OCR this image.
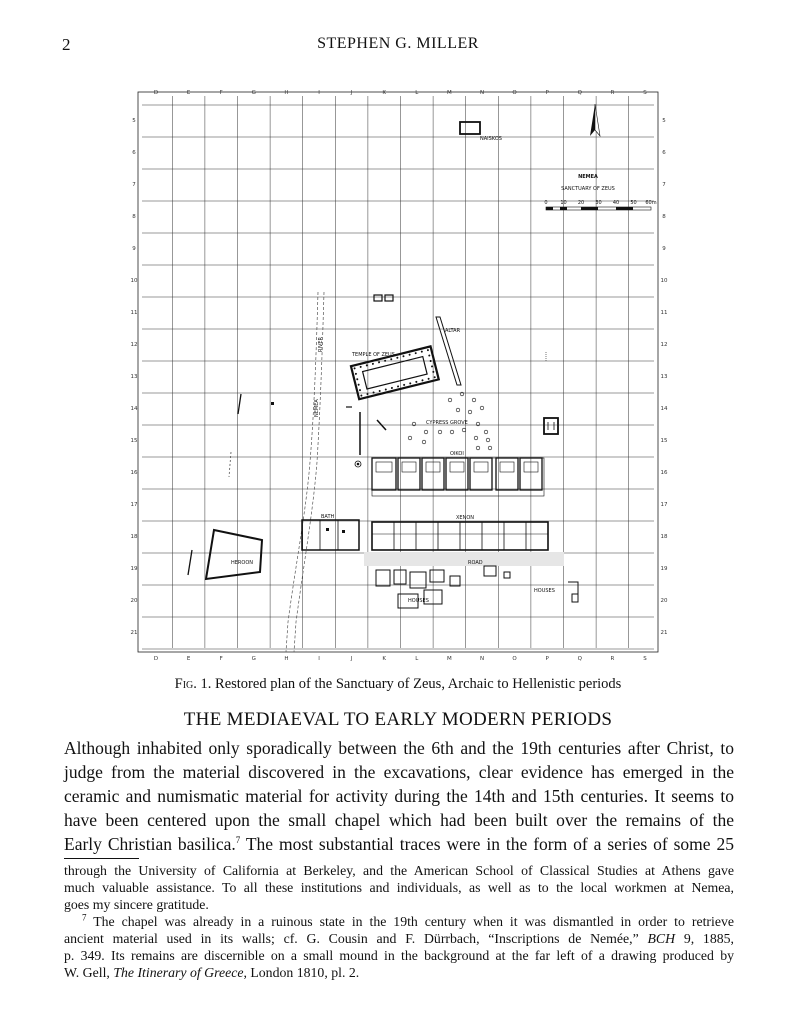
2	STEPHEN G. MILLER
D
D
E
E
F
F
G
G
H
H
I
I
J
J
K
K
L
L
M
M
N
N
O
O
P
P
Q
Q
R
R
S
S
5	5
6	6
7	7
8	8
9	9
10	10
11	11
12	12
13	13
14	14
15	15
16	16
17	17
18	18
19	19
20	20
21	21
NEMEA
SANCTUARY OF ZEUS
0	10 20 30 40 50 60m
NAISKOS
ALTAR
TEMPLE OF ZEUS
RIVER
NEMEA
HEROON
BATH
CYPRESS GROVE
OIKOI
XENON
ROAD
HOUSES
HOUSES
Fig. 1. Restored plan of the Sanctuary of Zeus, Archaic to Hellenistic periods
THE MEDIAEVAL TO EARLY MODERN PERIODS
Although inhabited only sporadically between the 6th and the 19th centuries after Christ, to
judge from the material discovered in the excavations, clear evidence has emerged in the
ceramic and numismatic material for activity during the 14th and 15th centuries. It seems to
have been centered upon the small chapel which had been built over the remains of the
Early Christian basilica.$^7$ The most substantial traces were in the form of a series of some 25
through the University of California at Berkeley, and the American School of Classical Studies at Athens gave
much valuable assistance. To all these institutions and individuals, as well as to the local workmen at Nemea,
goes my sincere gratitude.
$^7$ The chapel was already in a ruinous state in the 19th century when it was dismantled in order to retrieve
ancient material used in its walls; cf. G. Cousin and F. Dürrbach, “Inscriptions de Nemée,” BCH 9, 1885,
p. 349. Its remains are discernible on a small mound in the background at the far left of a drawing produced by
W. Gell, The Itinerary of Greece, London 1810, pl. 2.
